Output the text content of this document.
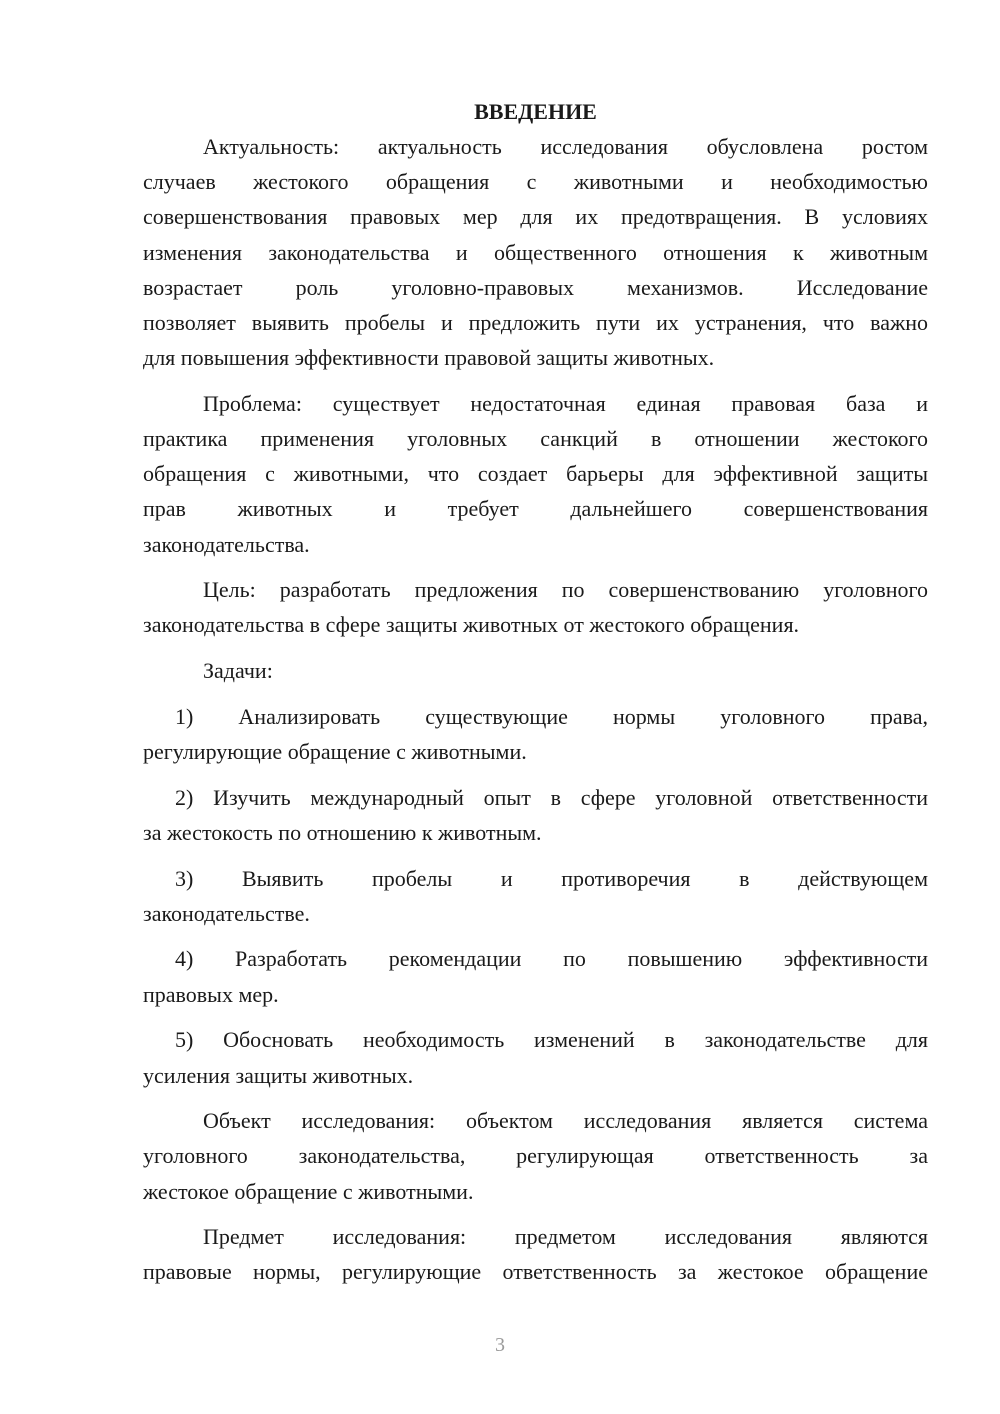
ВВЕДЕНИЕ
Актуальность: актуальность исследования обусловлена ростом
случаев жестокого обращения с животными и необходимостью
совершенствования правовых мер для их предотвращения. В условиях
изменения законодательства и общественного отношения к животным
возрастает роль уголовно-правовых механизмов. Исследование
позволяет выявить пробелы и предложить пути их устранения, что важно
для повышения эффективности правовой защиты животных.
Проблема: существует недостаточная единая правовая база и
практика применения уголовных санкций в отношении жестокого
обращения с животными, что создает барьеры для эффективной защиты
прав животных и требует дальнейшего совершенствования
законодательства.
Цель: разработать предложения по совершенствованию уголовного
законодательства в сфере защиты животных от жестокого обращения.
Задачи:
1) Анализировать существующие нормы уголовного права,
регулирующие обращение с животными.
2) Изучить международный опыт в сфере уголовной ответственности
за жестокость по отношению к животным.
3) Выявить пробелы и противоречия в действующем
законодательстве.
4) Разработать рекомендации по повышению эффективности
правовых мер.
5) Обосновать необходимость изменений в законодательстве для
усиления защиты животных.
Объект исследования: объектом исследования является система
уголовного законодательства, регулирующая ответственность за
жестокое обращение с животными.
Предмет исследования: предметом исследования являются
правовые нормы, регулирующие ответственность за жестокое обращение
3
